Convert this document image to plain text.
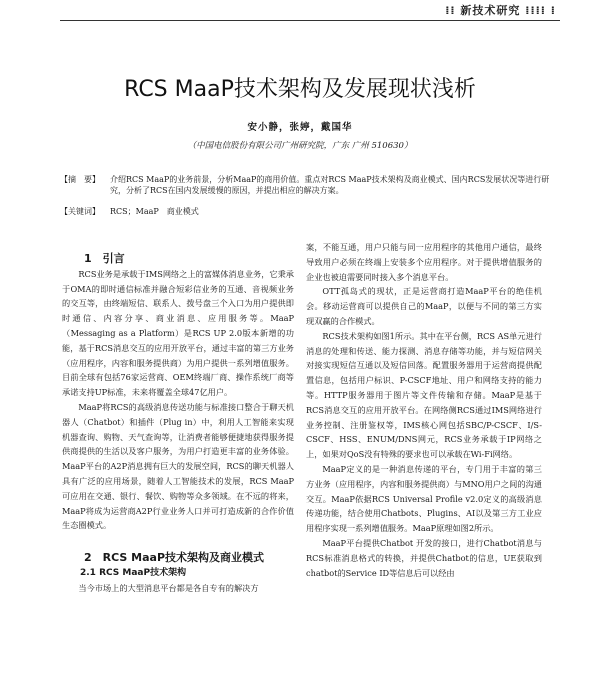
⁞⁞ 新技术研究 ⁞⁞⁞⁞ ⁞
RCS MaaP技术架构及发展现状浅析
安小静，张婷，戴国华
（中国电信股份有限公司广州研究院，广东 广州 510630）
【摘　要】	介绍RCS MaaP的业务前景，分析MaaP的商用价值。重点对RCS MaaP技术架构及商业模式、国内RCS发展状况等进行研究，分析了RCS在国内发展缓慢的原因，并提出相应的解决方案。
【关键词】	RCS；MaaP　商业模式

1　引言

RCS业务是承载于IMS网络之上的富媒体消息业务，它秉承于OMA的即时通信标准并融合短彩信业务的互通、音视频业务的交互等，由终端短信、联系人、拨号盘三个入口为用户提供即时通信、内容分享、商业消息、应用服务等。MaaP（Messaging as a Platform）是RCS UP 2.0版本新增的功能，基于RCS消息交互的应用开放平台，通过丰富的第三方业务（应用程序，内容和服务提供商）为用户提供一系列增值服务。目前全球有包括76家运营商、OEM终端厂商、操作系统厂商等承诺支持UP标准，未来将覆盖全球47亿用户。

MaaP将RCS的高级消息传送功能与标准接口整合于聊天机器人（Chatbot）和插件（Plug in）中，利用人工智能来实现机器查询、购物、天气查询等，让消费者能够便捷地获得服务提供商提供的生活以及客户服务，为用户打造更丰富的业务体验。MaaP平台的A2P消息拥有巨大的发展空间，RCS的聊天机器人具有广泛的应用场景，随着人工智能技术的发展，RCS MaaP可应用在交通、银行、餐饮、购物等众多领域。在不远的将来，MaaP将成为运营商A2P行业业务人口并可打造成新的合作价值生态圈模式。

2　RCS MaaP技术架构及商业模式

2.1 RCS MaaP技术架构

当今市场上的大型消息平台都是各自专有的解决方

案，不能互通，用户只能与同一应用程序的其他用户通信，最终导致用户必须在终端上安装多个应用程序。对于提供增值服务的企业也被迫需要同时接入多个消息平台。

OTT孤岛式的现状，正是运营商打造MaaP平台的绝佳机会。移动运营商可以提供自己的MaaP，以便与不同的第三方实现双赢的合作模式。

RCS技术架构如图1所示。其中在平台侧，RCS AS单元进行消息的处理和传送、能力探测、消息存储等功能，并与短信网关对接实现短信互通以及短信回落。配置服务器用于运营商提供配置信息，包括用户标识、P-CSCF地址、用户和网络支持的能力等。HTTP服务器用于图片等文件传输和存储。MaaP是基于RCS消息交互的应用开放平台。在网络侧RCS通过IMS网络进行业务控制、注册鉴权等，IMS核心网包括SBC/P-CSCF、I/S-CSCF、HSS、ENUM/DNS网元，RCS业务承载于IP网络之上，如果对QoS没有特殊的要求也可以承载在Wi-Fi网络。

MaaP定义的是一种消息传递的平台，专门用于丰富的第三方业务（应用程序，内容和服务提供商）与MNO用户之间的沟通交互。MaaP依据RCS Universal Profile v2.0定义的高级消息传递功能，结合使用Chatbots、Plugins、AI以及第三方工业应用程序实现一系列增值服务。MaaP原理如图2所示。

MaaP平台提供Chatbot 开发的接口，进行Chatbot消息与RCS标准消息格式的转换，并提供Chatbot的信息，UE获取到chatbot的Service ID等信息后可以经由
